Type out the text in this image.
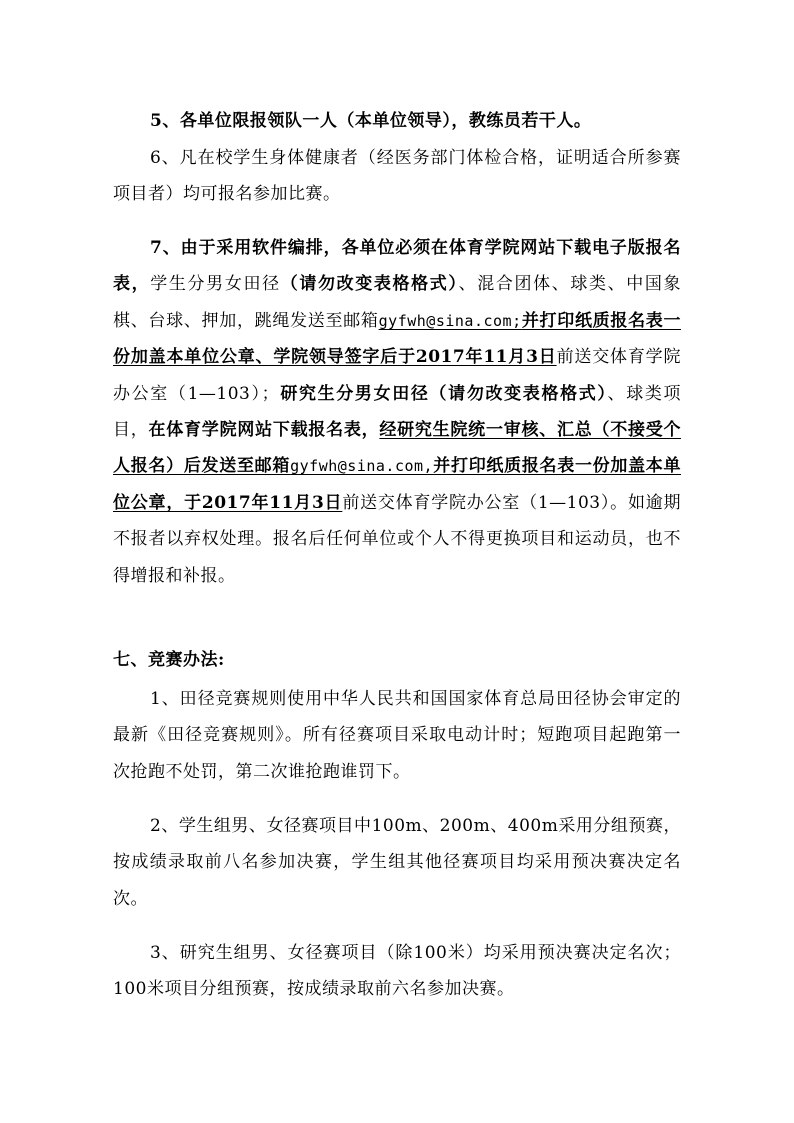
5、各单位限报领队一人（本单位领导），教练员若干人。
6、凡在校学生身体健康者（经医务部门体检合格，证明适合所参赛项目者）均可报名参加比赛。
7、由于采用软件编排，各单位必须在体育学院网站下载电子版报名表，学生分男女田径（请勿改变表格格式）、混合团体、球类、中国象棋、台球、押加，跳绳发送至邮箱gyfwh@sina.com;并打印纸质报名表一份加盖本单位公章、学院领导签字后于2017年11月3日前送交体育学院办公室（1—103）；研究生分男女田径（请勿改变表格格式）、球类项目，在体育学院网站下载报名表，经研究生院统一审核、汇总（不接受个人报名）后发送至邮箱gyfwh@sina.com,并打印纸质报名表一份加盖本单位公章，于2017年11月3日前送交体育学院办公室（1—103）。如逾期不报者以弃权处理。报名后任何单位或个人不得更换项目和运动员，也不得增报和补报。
七、竞赛办法:
1、田径竞赛规则使用中华人民共和国国家体育总局田径协会审定的最新《田径竞赛规则》。所有径赛项目采取电动计时；短跑项目起跑第一次抢跑不处罚，第二次谁抢跑谁罚下。
2、学生组男、女径赛项目中100m、200m、400m采用分组预赛，按成绩录取前八名参加决赛，学生组其他径赛项目均采用预决赛决定名次。
3、研究生组男、女径赛项目（除100米）均采用预决赛决定名次；100米项目分组预赛，按成绩录取前六名参加决赛。
